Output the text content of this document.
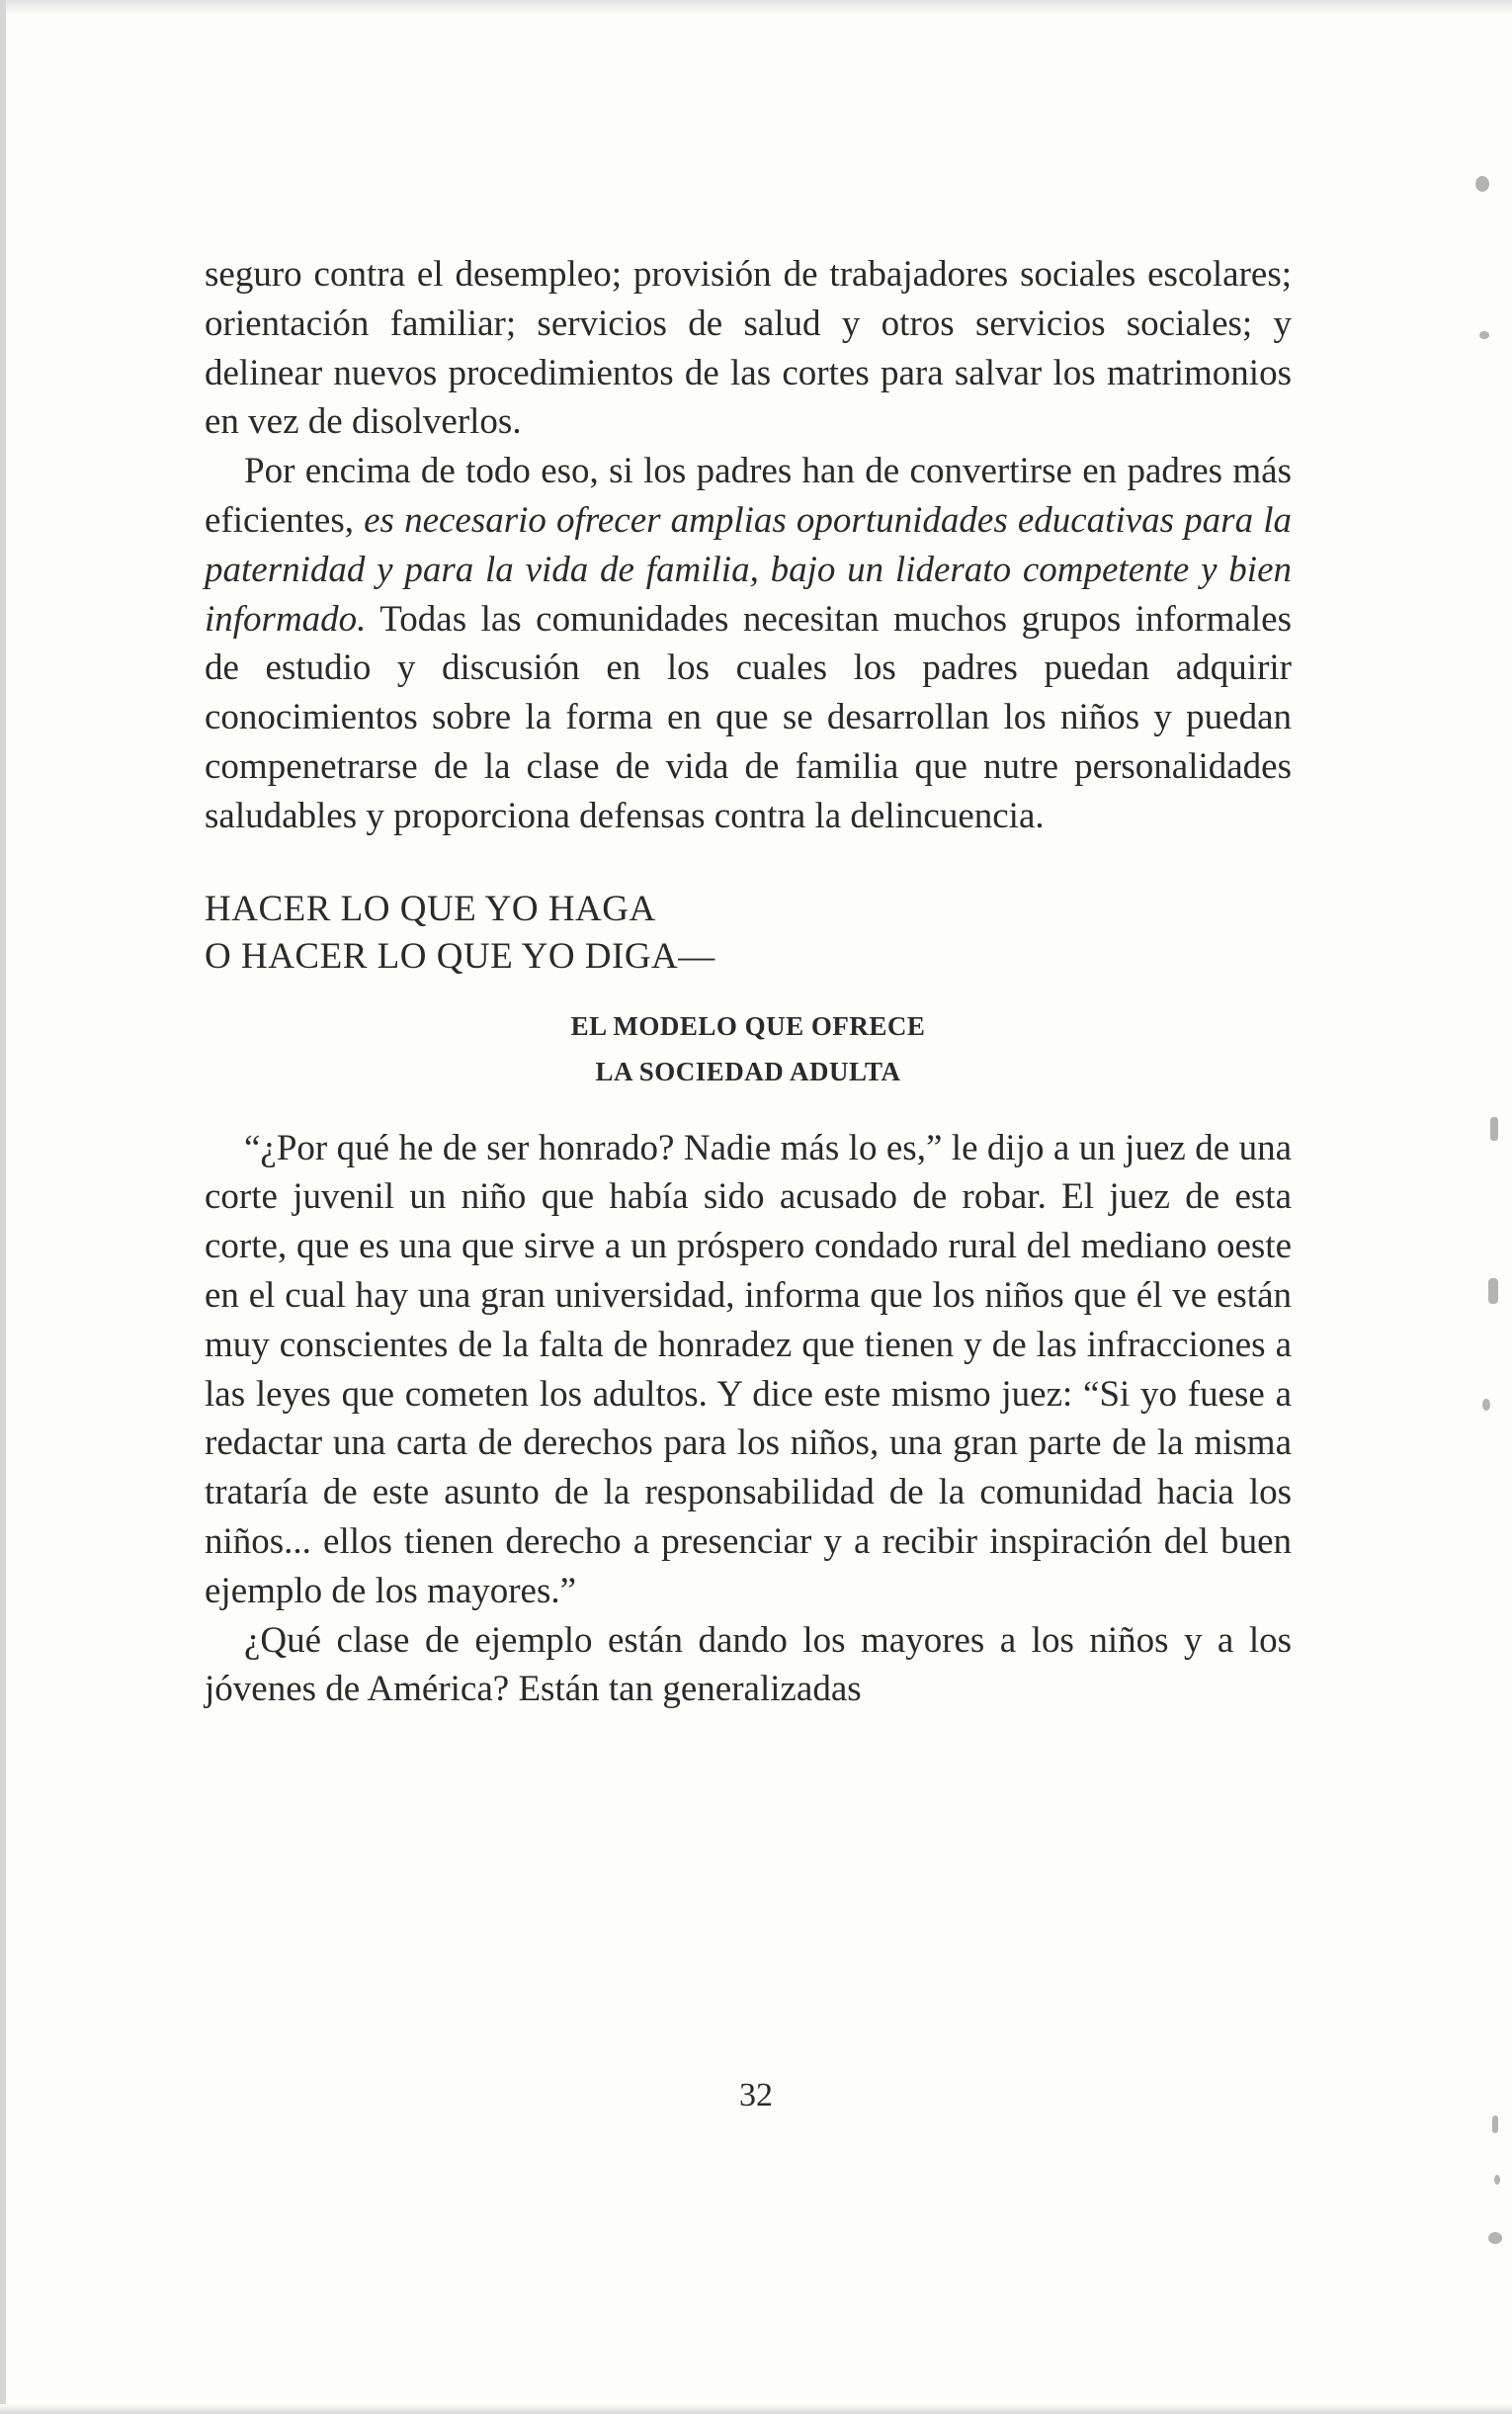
seguro contra el desempleo; provisión de trabajadores sociales escolares; orientación familiar; servicios de salud y otros servicios sociales; y delinear nuevos procedimientos de las cortes para salvar los matrimonios en vez de disolverlos.

Por encima de todo eso, si los padres han de convertirse en padres más eficientes, es necesario ofrecer amplias oportunidades educativas para la paternidad y para la vida de familia, bajo un liderato competente y bien informado. Todas las comunidades necesitan muchos grupos informales de estudio y discusión en los cuales los padres puedan adquirir conocimientos sobre la forma en que se desarrollan los niños y puedan compenetrarse de la clase de vida de familia que nutre personalidades saludables y proporciona defensas contra la delincuencia.

HACER LO QUE YO HAGA
O HACER LO QUE YO DIGA—
EL MODELO QUE OFRECE
LA SOCIEDAD ADULTA

“¿Por qué he de ser honrado? Nadie más lo es,” le dijo a un juez de una corte juvenil un niño que había sido acusado de robar. El juez de esta corte, que es una que sirve a un próspero condado rural del mediano oeste en el cual hay una gran universidad, informa que los niños que él ve están muy conscientes de la falta de honradez que tienen y de las infracciones a las leyes que cometen los adultos. Y dice este mismo juez: “Si yo fuese a redactar una carta de derechos para los niños, una gran parte de la misma trataría de este asunto de la responsabilidad de la comunidad hacia los niños... ellos tienen derecho a presenciar y a recibir inspiración del buen ejemplo de los mayores.”

¿Qué clase de ejemplo están dando los mayores a los niños y a los jóvenes de América? Están tan generalizadas

32
